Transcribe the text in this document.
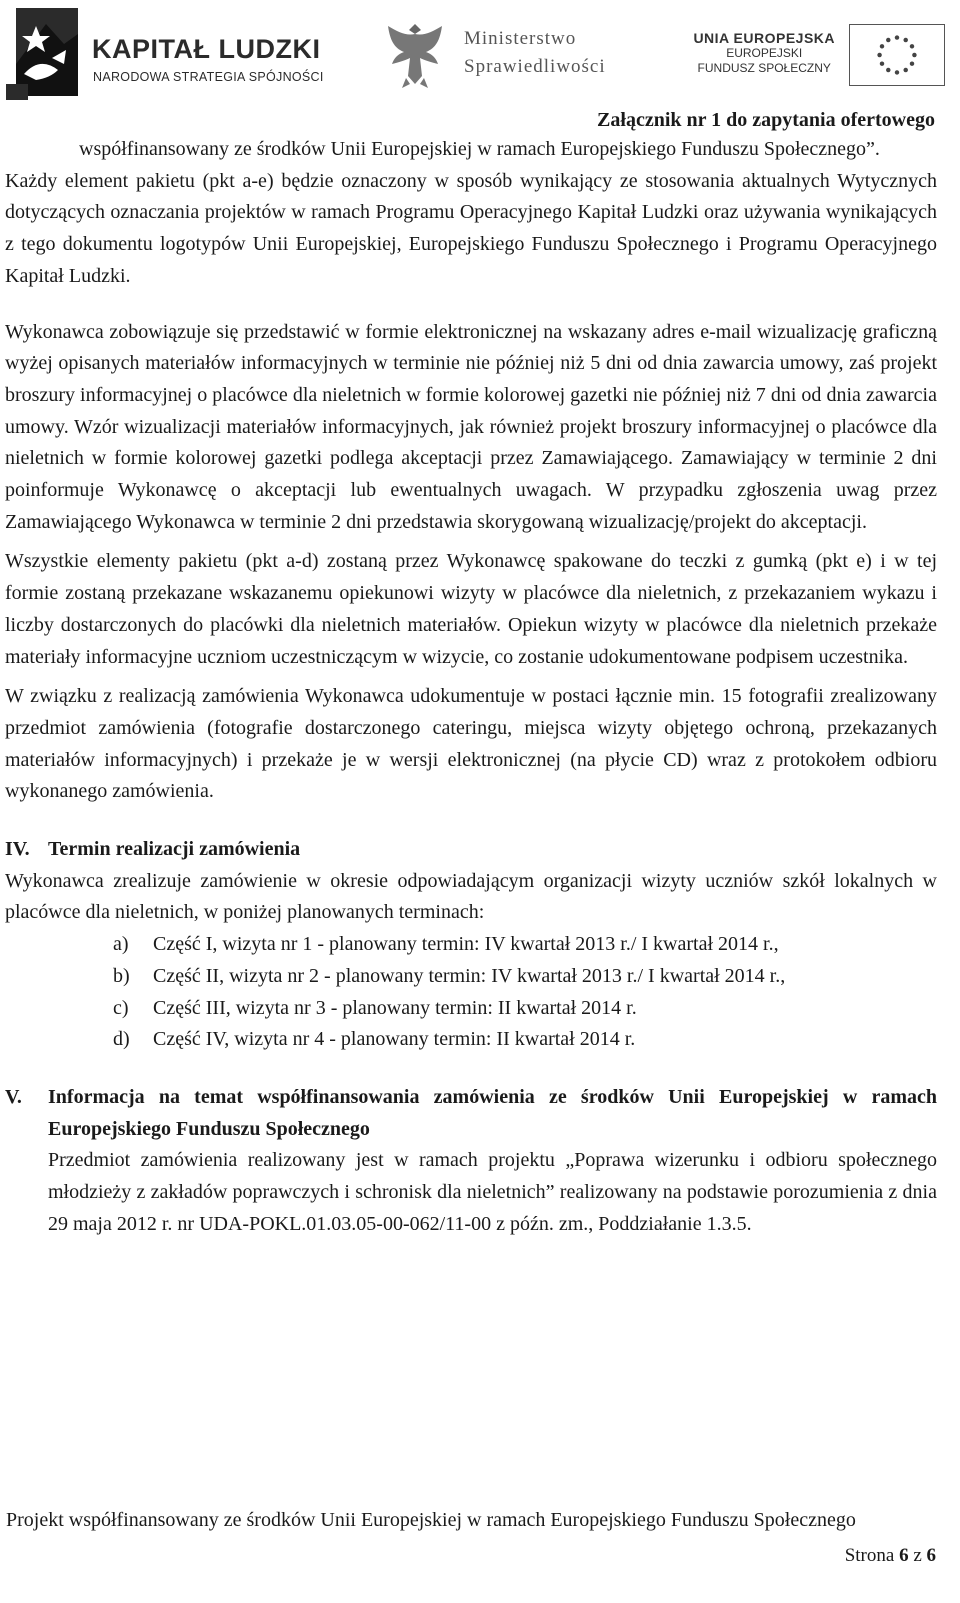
KAPITAŁ LUDZKI
NARODOWA STRATEGIA SPÓJNOŚCI
Ministerstwo
Sprawiedliwości
UNIA EUROPEJSKA
EUROPEJSKI
FUNDUSZ SPOŁECZNY
Załącznik nr 1 do zapytania ofertowego

współfinansowany ze środków Unii Europejskiej w ramach Europejskiego Funduszu Społecznego”.

Każdy element pakietu (pkt a-e) będzie oznaczony w sposób wynikający ze stosowania aktualnych Wytycznych dotyczących oznaczania projektów w ramach Programu Operacyjnego Kapitał Ludzki oraz używania wynikających z tego dokumentu logotypów Unii Europejskiej, Europejskiego Funduszu Społecznego i Programu Operacyjnego Kapitał Ludzki.

Wykonawca zobowiązuje się przedstawić w formie elektronicznej na wskazany adres e-mail wizualizację graficzną wyżej opisanych materiałów informacyjnych w terminie nie później niż 5 dni od dnia zawarcia umowy, zaś projekt broszury informacyjnej o placówce dla nieletnich w formie kolorowej gazetki nie później niż 7 dni od dnia zawarcia umowy. Wzór wizualizacji materiałów informacyjnych, jak również projekt broszury informacyjnej o placówce dla nieletnich w formie kolorowej gazetki podlega akceptacji przez Zamawiającego. Zamawiający w terminie 2 dni poinformuje Wykonawcę o akceptacji lub ewentualnych uwagach. W przypadku zgłoszenia uwag przez Zamawiającego Wykonawca w terminie 2 dni przedstawia skorygowaną wizualizację/projekt do akceptacji.

Wszystkie elementy pakietu (pkt a-d) zostaną przez Wykonawcę spakowane do teczki z gumką (pkt e) i w tej formie zostaną przekazane wskazanemu opiekunowi wizyty w placówce dla nieletnich, z przekazaniem wykazu i liczby dostarczonych do placówki dla nieletnich materiałów. Opiekun wizyty w placówce dla nieletnich przekaże materiały informacyjne uczniom uczestniczącym w wizycie, co zostanie udokumentowane podpisem uczestnika.

W związku z realizacją zamówienia Wykonawca udokumentuje w postaci łącznie min. 15 fotografii zrealizowany przedmiot zamówienia (fotografie dostarczonego cateringu, miejsca wizyty objętego ochroną, przekazanych materiałów informacyjnych) i przekaże je w wersji elektronicznej (na płycie CD) wraz z protokołem odbioru wykonanego zamówienia.

IV. Termin realizacji zamówienia

Wykonawca zrealizuje zamówienie w okresie odpowiadającym organizacji wizyty uczniów szkół lokalnych w placówce dla nieletnich, w poniżej planowanych terminach:

a)	Część I, wizyta nr 1 - planowany termin: IV kwartał 2013 r./ I kwartał 2014 r.,
b)	Część II, wizyta nr 2 - planowany termin: IV kwartał 2013 r./ I kwartał 2014 r.,
c)	Część III, wizyta nr 3 - planowany termin: II kwartał 2014 r.
d)	Część IV, wizyta nr 4 - planowany termin: II kwartał 2014 r.

V.	Informacja na temat współfinansowania zamówienia ze środków Unii Europejskiej w ramach Europejskiego Funduszu Społecznego

Przedmiot zamówienia realizowany jest w ramach projektu „Poprawa wizerunku i odbioru społecznego młodzieży z zakładów poprawczych i schronisk dla nieletnich” realizowany na podstawie porozumienia z dnia 29 maja 2012 r. nr UDA-POKL.01.03.05-00-062/11-00 z późn. zm., Poddziałanie 1.3.5.

Projekt współfinansowany ze środków Unii Europejskiej w ramach Europejskiego Funduszu Społecznego
Strona 6 z 6
